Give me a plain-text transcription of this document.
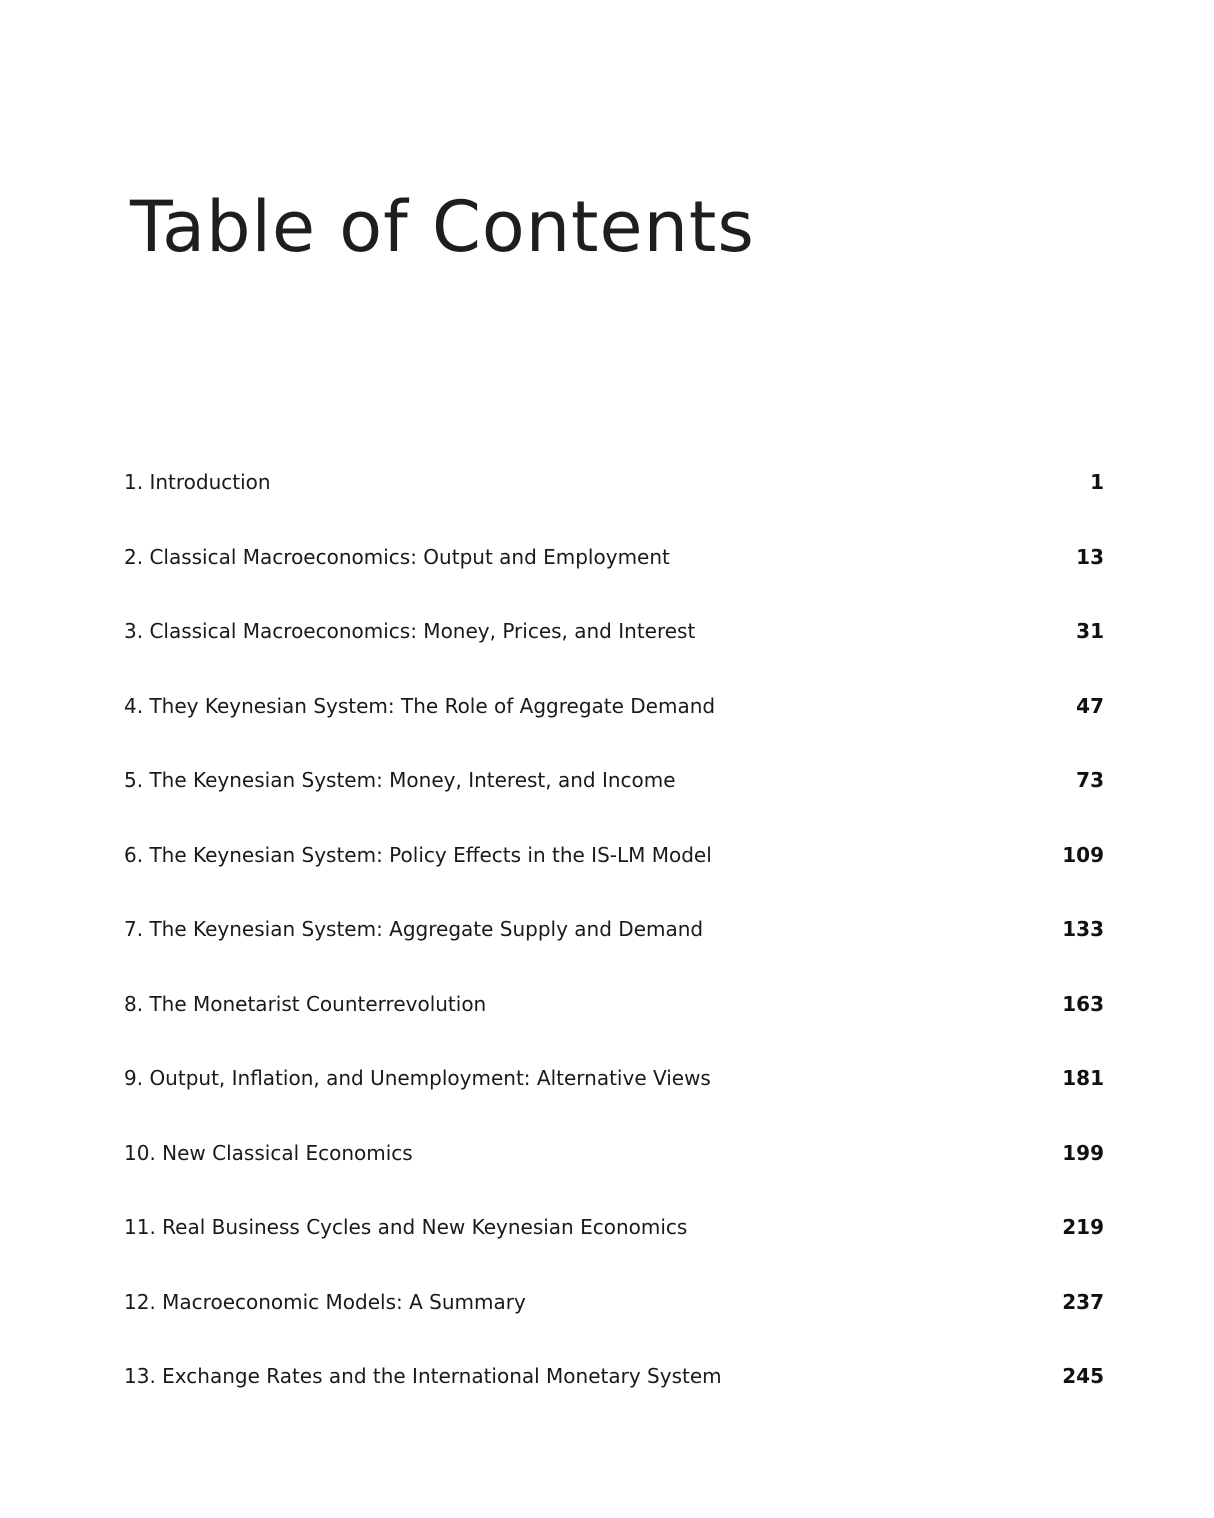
Table of Contents
1. Introduction	1
2. Classical Macroeconomics: Output and Employment	13
3. Classical Macroeconomics: Money, Prices, and Interest	31
4. They Keynesian System: The Role of Aggregate Demand	47
5. The Keynesian System: Money, Interest, and Income	73
6. The Keynesian System: Policy Effects in the IS-LM Model	109
7. The Keynesian System: Aggregate Supply and Demand	133
8. The Monetarist Counterrevolution	163
9. Output, Inflation, and Unemployment: Alternative Views	181
10. New Classical Economics	199
11. Real Business Cycles and New Keynesian Economics	219
12. Macroeconomic Models: A Summary	237
13. Exchange Rates and the International Monetary System	245
